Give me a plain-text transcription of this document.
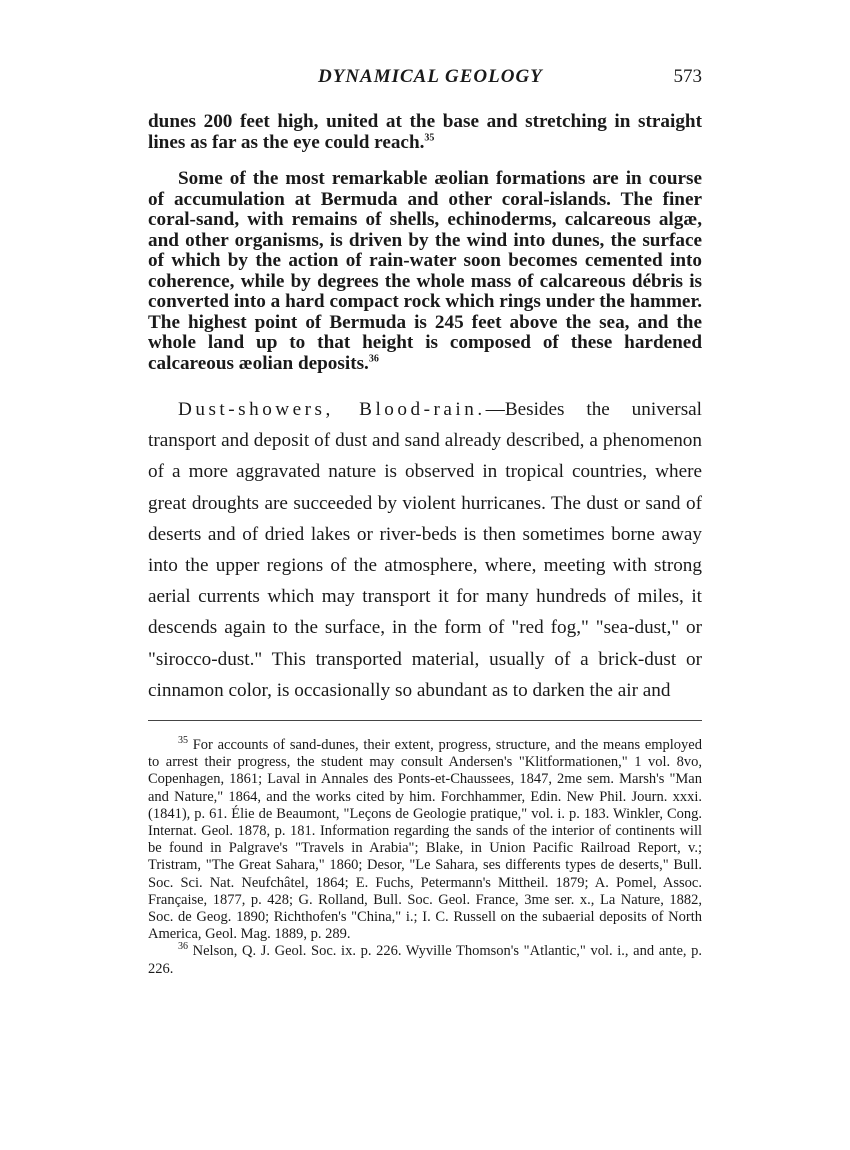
DYNAMICAL GEOLOGY	573

dunes 200 feet high, united at the base and stretching in straight lines as far as the eye could reach.$^{35}$

Some of the most remarkable æolian formations are in course of accumulation at Bermuda and other coral-islands. The finer coral-sand, with remains of shells, echinoderms, calcareous algæ, and other organisms, is driven by the wind into dunes, the surface of which by the action of rain-water soon becomes cemented into coherence, while by degrees the whole mass of calcareous débris is converted into a hard compact rock which rings under the hammer. The highest point of Bermuda is 245 feet above the sea, and the whole land up to that height is composed of these hardened calcareous æolian deposits.$^{36}$

Dust-showers, Blood-rain.—Besides the universal transport and deposit of dust and sand already described, a phenomenon of a more aggravated nature is observed in tropical countries, where great droughts are succeeded by violent hurricanes. The dust or sand of deserts and of dried lakes or river-beds is then sometimes borne away into the upper regions of the atmosphere, where, meeting with strong aerial currents which may transport it for many hundreds of miles, it descends again to the surface, in the form of "red fog," "sea-dust," or "sirocco-dust." This transported material, usually of a brick-dust or cinnamon color, is occasionally so abundant as to darken the air and

$^{35}$ For accounts of sand-dunes, their extent, progress, structure, and the means employed to arrest their progress, the student may consult Andersen's "Klitformationen," 1 vol. 8vo, Copenhagen, 1861; Laval in Annales des Ponts-et-Chaussees, 1847, 2me sem. Marsh's "Man and Nature," 1864, and the works cited by him. Forchhammer, Edin. New Phil. Journ. xxxi. (1841), p. 61. Élie de Beaumont, "Leçons de Geologie pratique," vol. i. p. 183. Winkler, Cong. Internat. Geol. 1878, p. 181. Information regarding the sands of the interior of continents will be found in Palgrave's "Travels in Arabia"; Blake, in Union Pacific Railroad Report, v.; Tristram, "The Great Sahara," 1860; Desor, "Le Sahara, ses differents types de deserts," Bull. Soc. Sci. Nat. Neufchâtel, 1864; E. Fuchs, Petermann's Mittheil. 1879; A. Pomel, Assoc. Française, 1877, p. 428; G. Rolland, Bull. Soc. Geol. France, 3me ser. x., La Nature, 1882, Soc. de Geog. 1890; Richthofen's "China," i.; I. C. Russell on the subaerial deposits of North America, Geol. Mag. 1889, p. 289.

$^{36}$ Nelson, Q. J. Geol. Soc. ix. p. 226. Wyville Thomson's "Atlantic," vol. i., and ante, p. 226.
